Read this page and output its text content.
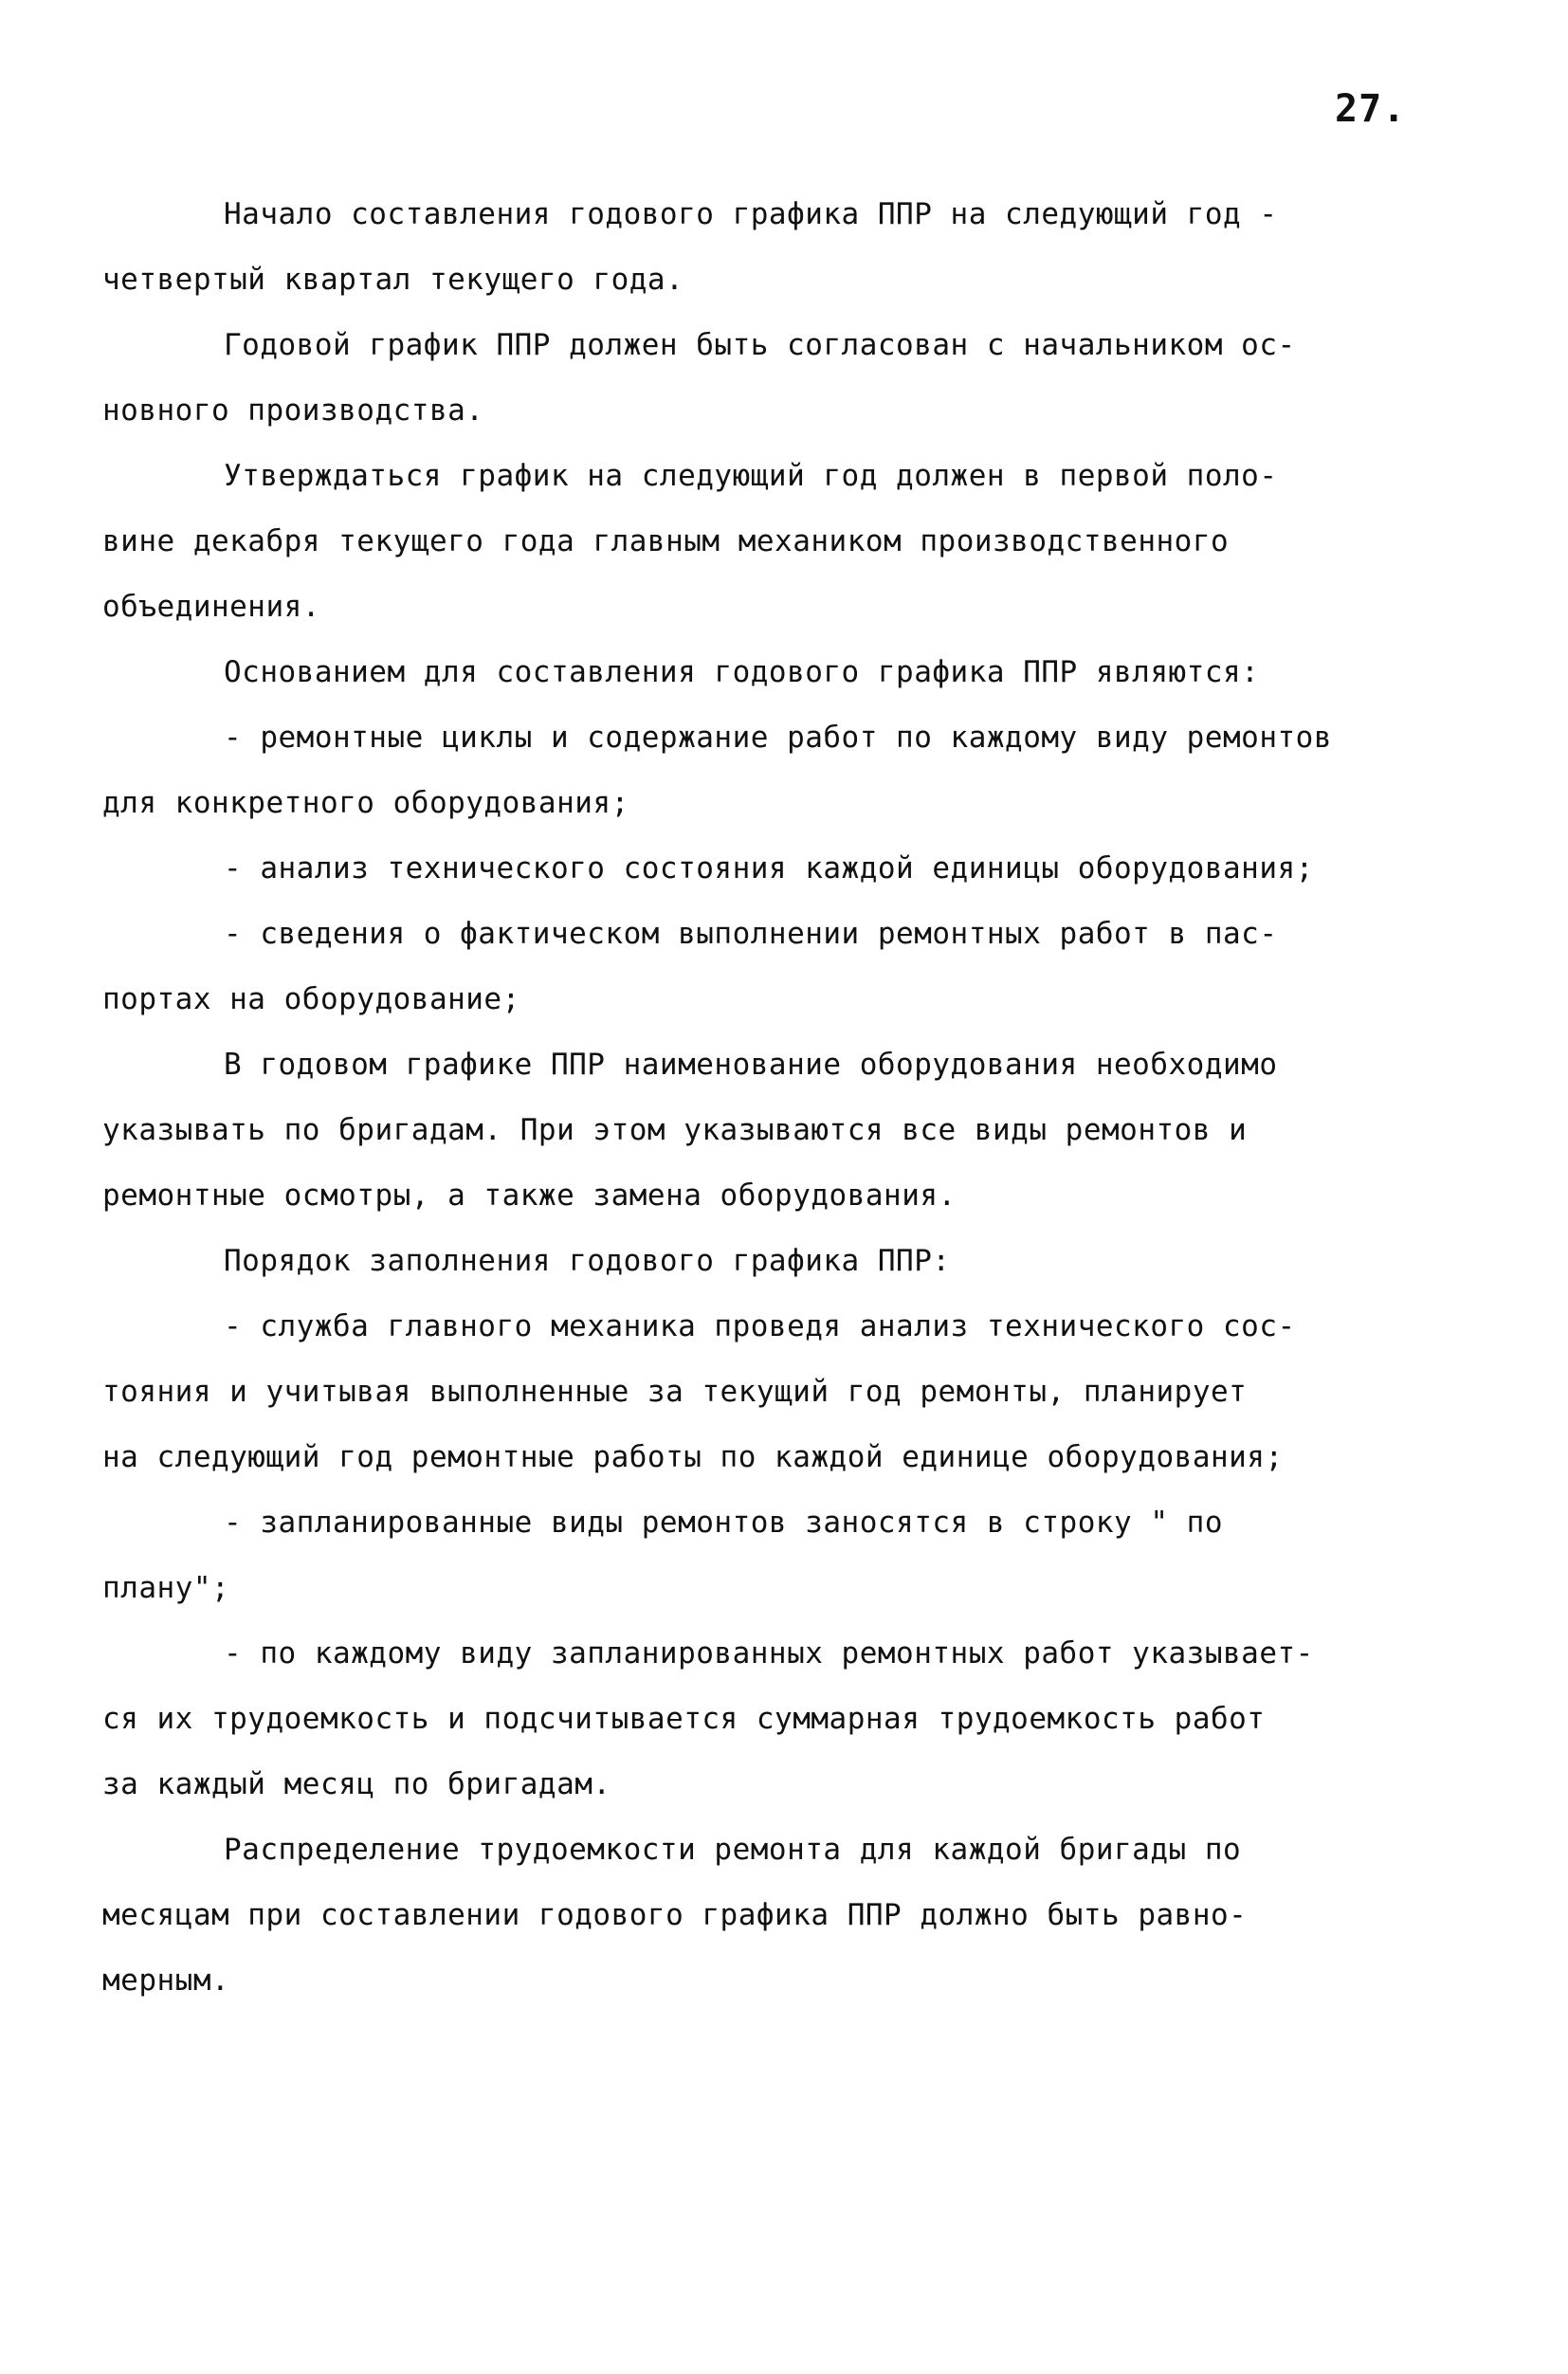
27.
Начало составления годового графика ППР на следующий год -
четвертый квартал текущего года.
Годовой график ППР должен быть согласован с начальником ос-
новного производства.
Утверждаться график на следующий год должен в первой поло-
вине декабря текущего года главным механиком производственного
объединения.
Основанием для составления годового графика ППР являются:
- ремонтные циклы и содержание работ по каждому виду ремонтов
для конкретного оборудования;
- анализ технического состояния каждой единицы оборудования;
- сведения о фактическом выполнении ремонтных работ в пас-
портах на оборудование;
В годовом графике ППР наименование оборудования необходимо
указывать по бригадам. При этом указываются все виды ремонтов и
ремонтные осмотры, а также замена оборудования.
Порядок заполнения годового графика ППР:
- служба главного механика проведя анализ технического сос-
тояния и учитывая выполненные за текущий год ремонты, планирует
на следующий год ремонтные работы по каждой единице оборудования;
- запланированные виды ремонтов заносятся в строку " по
плану";
- по каждому виду запланированных ремонтных работ указывает-
ся их трудоемкость и подсчитывается суммарная трудоемкость работ
за каждый месяц по бригадам.
Распределение трудоемкости ремонта для каждой бригады по
месяцам при составлении годового графика ППР должно быть равно-
мерным.
